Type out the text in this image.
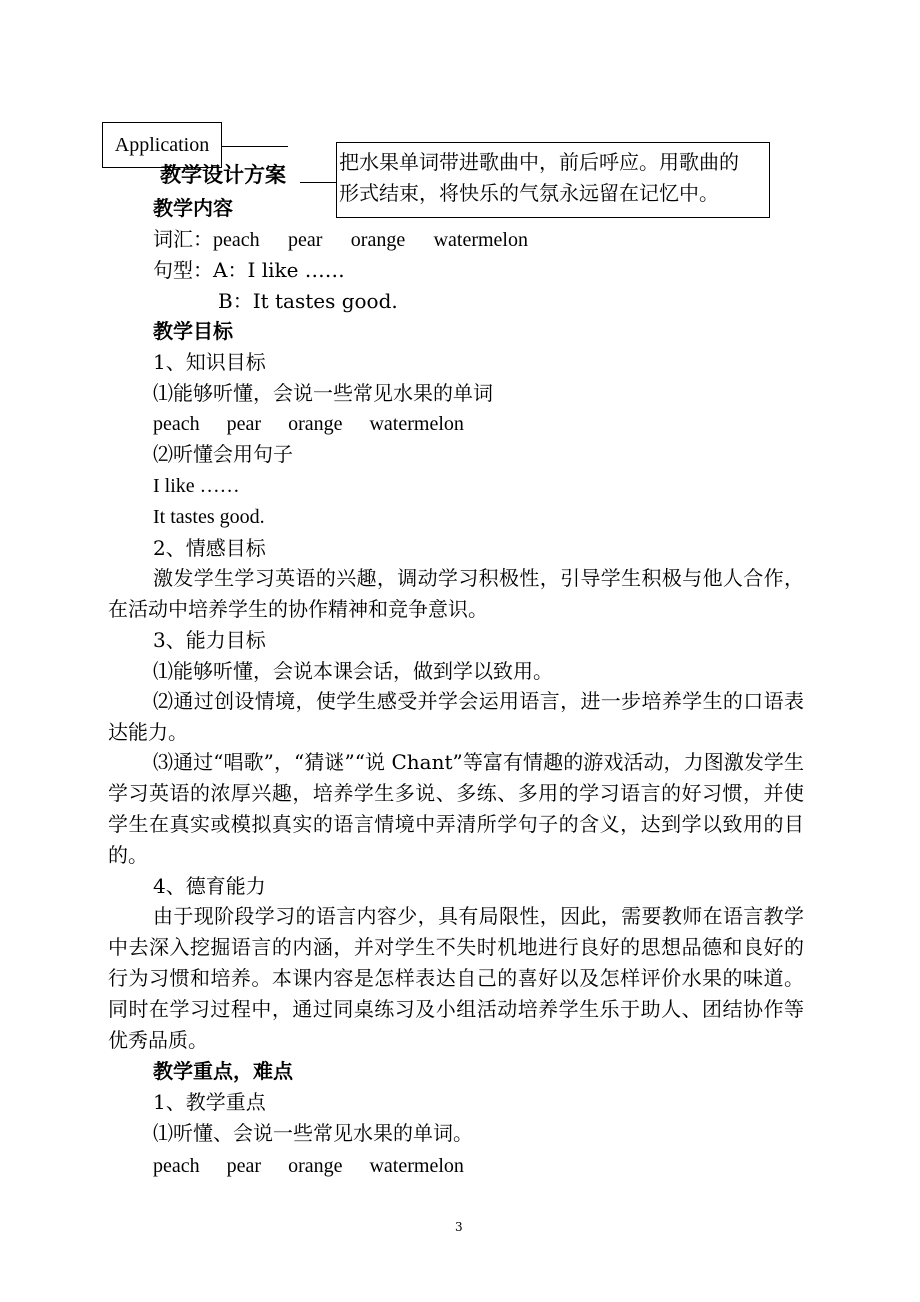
Application
教学设计方案	把水果单词带进歌曲中，前后呼应。用歌曲的
形式结束，将快乐的气氛永远留在记忆中。
教学内容
词汇：peach pear orange watermelon
句型：A：I like ……
B：It tastes good.
教学目标
1、知识目标
⑴能够听懂，会说一些常见水果的单词
peach pear orange watermelon
⑵听懂会用句子
I like ……
It tastes good.
2、情感目标
激发学生学习英语的兴趣，调动学习积极性，引导学生积极与他人合作，在活动中培养学生的协作精神和竞争意识。
3、能力目标
⑴能够听懂，会说本课会话，做到学以致用。
⑵通过创设情境，使学生感受并学会运用语言，进一步培养学生的口语表达能力。
⑶通过“唱歌”，“猜谜”“说 Chant”等富有情趣的游戏活动，力图激发学生学习英语的浓厚兴趣，培养学生多说、多练、多用的学习语言的好习惯，并使学生在真实或模拟真实的语言情境中弄清所学句子的含义，达到学以致用的目的。
4、德育能力
由于现阶段学习的语言内容少，具有局限性，因此，需要教师在语言教学中去深入挖掘语言的内涵，并对学生不失时机地进行良好的思想品德和良好的行为习惯和培养。本课内容是怎样表达自己的喜好以及怎样评价水果的味道。同时在学习过程中，通过同桌练习及小组活动培养学生乐于助人、团结协作等优秀品质。
教学重点，难点
1、教学重点
⑴听懂、会说一些常见水果的单词。
peach pear orange watermelon
3
